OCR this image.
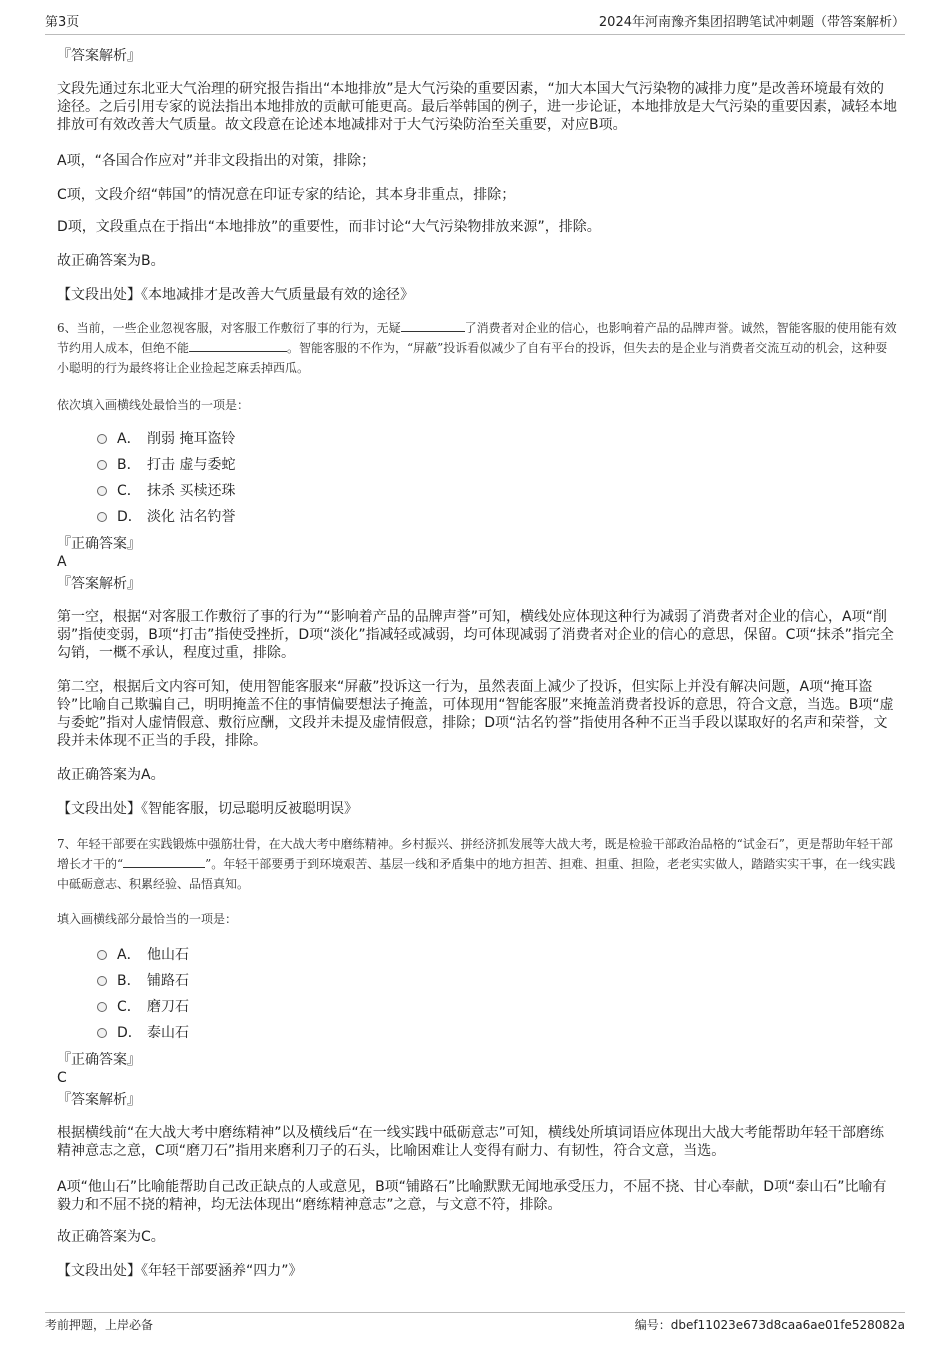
第3页	2024年河南豫齐集团招聘笔试冲刺题（带答案解析）
『答案解析』

文段先通过东北亚大气治理的研究报告指出“本地排放”是大气污染的重要因素，“加大本国大气污染物的减排力度”是改善环境最有效的途径。之后引用专家的说法指出本地排放的贡献可能更高。最后举韩国的例子，进一步论证，本地排放是大气污染的重要因素，减轻本地排放可有效改善大气质量。故文段意在论述本地减排对于大气污染防治至关重要，对应B项。

A项，“各国合作应对”并非文段指出的对策，排除；

C项，文段介绍“韩国”的情况意在印证专家的结论，其本身非重点，排除；

D项，文段重点在于指出“本地排放”的重要性，而非讨论“大气污染物排放来源”，排除。

故正确答案为B。

【文段出处】《本地减排才是改善大气质量最有效的途径》

6、当前，一些企业忽视客服，对客服工作敷衍了事的行为，无疑	了消费者对企业的信心，也影响着产品的品牌声誉。诚然，智能客服的使用能有效节约用人成本，但绝不能	。智能客服的不作为，“屏蔽”投诉看似减少了自有平台的投诉，但失去的是企业与消费者交流互动的机会，这种耍小聪明的行为最终将让企业捡起芝麻丢掉西瓜。

依次填入画横线处最恰当的一项是：
A． 削弱 掩耳盗铃
B． 打击 虚与委蛇
C． 抹杀 买椟还珠
D． 淡化 沽名钓誉
『正确答案』
A
『答案解析』

第一空，根据“对客服工作敷衍了事的行为”“影响着产品的品牌声誉”可知，横线处应体现这种行为减弱了消费者对企业的信心，A项“削弱”指使变弱，B项“打击”指使受挫折，D项“淡化”指减轻或减弱，均可体现减弱了消费者对企业的信心的意思，保留。C项“抹杀”指完全勾销，一概不承认，程度过重，排除。

第二空，根据后文内容可知，使用智能客服来“屏蔽”投诉这一行为，虽然表面上减少了投诉，但实际上并没有解决问题，A项“掩耳盗铃”比喻自己欺骗自己，明明掩盖不住的事情偏要想法子掩盖，可体现用“智能客服”来掩盖消费者投诉的意思，符合文意，当选。B项“虚与委蛇”指对人虚情假意、敷衍应酬，文段并未提及虚情假意，排除；D项“沽名钓誉”指使用各种不正当手段以谋取好的名声和荣誉，文段并未体现不正当的手段，排除。

故正确答案为A。

【文段出处】《智能客服，切忌聪明反被聪明误》

7、年轻干部要在实践锻炼中强筋壮骨，在大战大考中磨练精神。乡村振兴、拼经济抓发展等大战大考，既是检验干部政治品格的“试金石”，更是帮助年轻干部增长才干的“	”。年轻干部要勇于到环境艰苦、基层一线和矛盾集中的地方担苦、担难、担重、担险，老老实实做人，踏踏实实干事，在一线实践中砥砺意志、积累经验、品悟真知。

填入画横线部分最恰当的一项是：
A． 他山石
B． 铺路石
C． 磨刀石
D． 泰山石
『正确答案』
C
『答案解析』

根据横线前“在大战大考中磨练精神”以及横线后“在一线实践中砥砺意志”可知，横线处所填词语应体现出大战大考能帮助年轻干部磨练精神意志之意，C项“磨刀石”指用来磨利刀子的石头，比喻困难让人变得有耐力、有韧性，符合文意，当选。

A项“他山石”比喻能帮助自己改正缺点的人或意见，B项“铺路石”比喻默默无闻地承受压力，不屈不挠、甘心奉献，D项“泰山石”比喻有毅力和不屈不挠的精神，均无法体现出“磨练精神意志”之意，与文意不符，排除。

故正确答案为C。

【文段出处】《年轻干部要涵养“四力”》

考前押题，上岸必备	编号：dbef11023e673d8caa6ae01fe528082a
